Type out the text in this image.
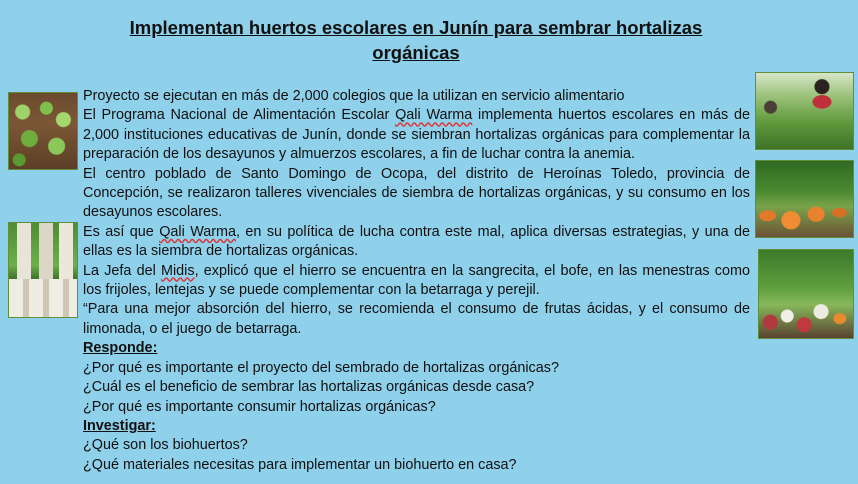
Implementan huertos escolares en Junín para sembrar hortalizas orgánicas

Proyecto se ejecutan en más de 2,000 colegios que la utilizan en servicio alimentario

El Programa Nacional de Alimentación Escolar Qali Warma implementa huertos escolares en más de 2,000 instituciones educativas de Junín, donde se siembran hortalizas orgánicas para complementar la preparación de los desayunos y almuerzos escolares, a fin de luchar contra la anemia.

El centro poblado de Santo Domingo de Ocopa, del distrito de Heroínas Toledo, provincia de Concepción, se realizaron talleres vivenciales de siembra de hortalizas orgánicas, y su consumo en los desayunos escolares.

Es así que Qali Warma, en su política de lucha contra este mal, aplica diversas estrategias, y una de ellas es la siembra de hortalizas orgánicas.

La Jefa del Midis, explicó que el hierro se encuentra en la sangrecita, el bofe, en las menestras como los frijoles, lentejas y se puede complementar con la betarraga y perejil.

“Para una mejor absorción del hierro, se recomienda el consumo de frutas ácidas, y el consumo de limonada, o el juego de betarraga.

Responde:

¿Por qué es importante el proyecto del sembrado de hortalizas orgánicas?

¿Cuál es el beneficio de sembrar las hortalizas orgánicas desde casa?

¿Por qué es importante consumir hortalizas orgánicas?

Investigar:

¿Qué son los biohuertos?

¿Qué materiales necesitas para implementar un biohuerto en casa?
